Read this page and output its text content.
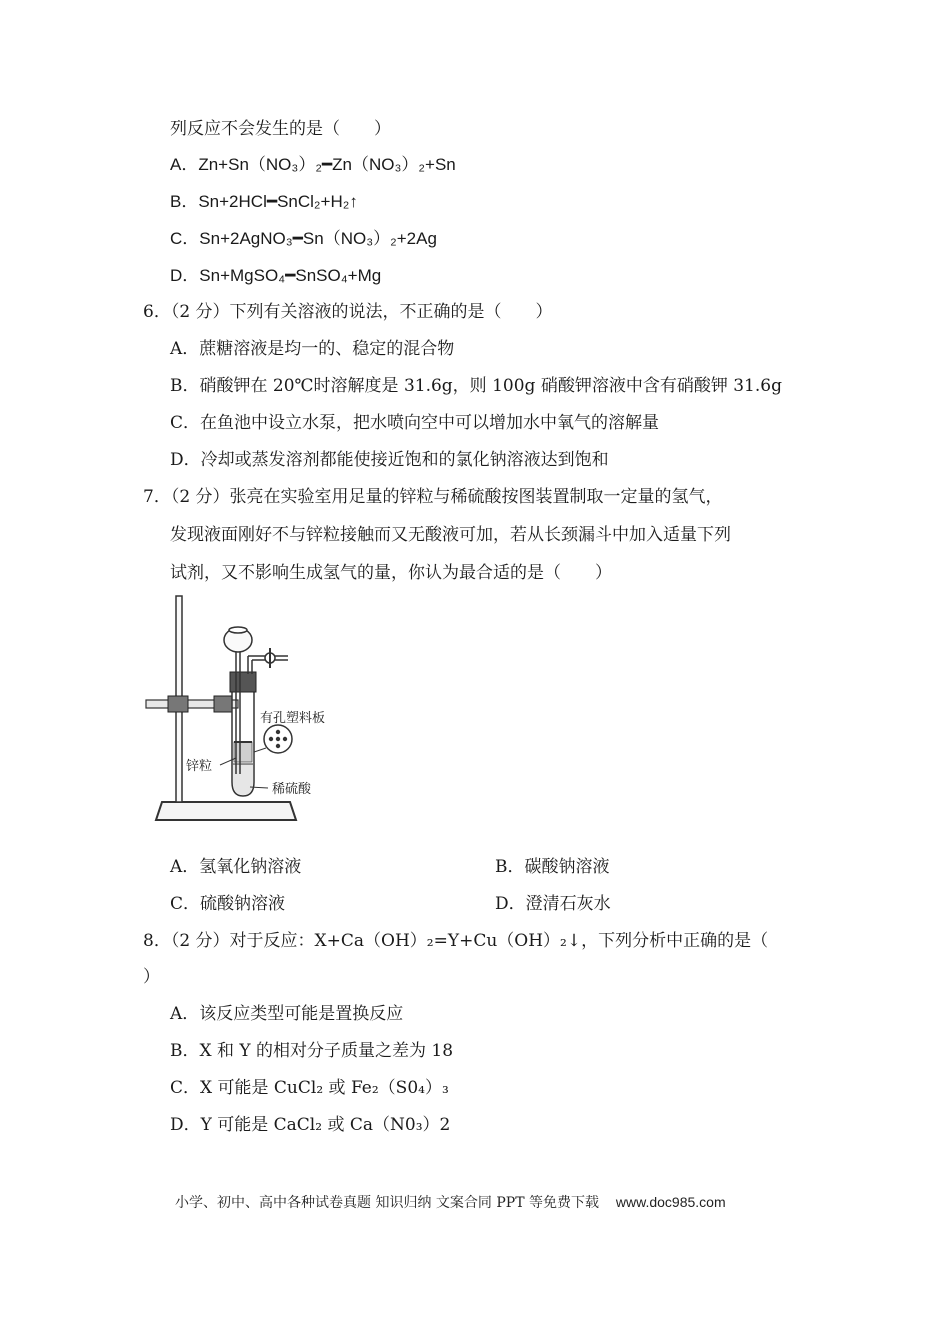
列反应不会发生的是（　　）
A．Zn+Sn（NO₃）₂━Zn（NO₃）₂+Sn
B．Sn+2HCl━SnCl₂+H₂↑
C．Sn+2AgNO₃━Sn（NO₃）₂+2Ag
D．Sn+MgSO₄━SnSO₄+Mg
6．（2 分）下列有关溶液的说法，不正确的是（　　）
A．蔗糖溶液是均一的、稳定的混合物
B．硝酸钾在 20℃时溶解度是 31.6g，则 100g 硝酸钾溶液中含有硝酸钾 31.6g
C．在鱼池中设立水泵，把水喷向空中可以增加水中氧气的溶解量
D．冷却或蒸发溶剂都能使接近饱和的氯化钠溶液达到饱和
7．（2 分）张亮在实验室用足量的锌粒与稀硫酸按图装置制取一定量的氢气，
发现液面刚好不与锌粒接触而又无酸液可加，若从长颈漏斗中加入适量下列
试剂，又不影响生成氢气的量，你认为最合适的是（　　）
有孔塑料板
锌粒
稀硫酸
A．氢氧化钠溶液	B．碳酸钠溶液
C．硫酸钠溶液	D．澄清石灰水
8．（2 分）对于反应：X+Ca（OH）₂=Y+Cu（OH）₂↓，下列分析中正确的是（
）
A．该反应类型可能是置换反应
B．X 和 Y 的相对分子质量之差为 18
C．X 可能是 CuCl₂ 或 Fe₂（S0₄）₃
D．Y 可能是 CaCl₂ 或 Ca（N0₃）2
小学、初中、高中各种试卷真题 知识归纳 文案合同 PPT 等免费下载 www.doc985.com
